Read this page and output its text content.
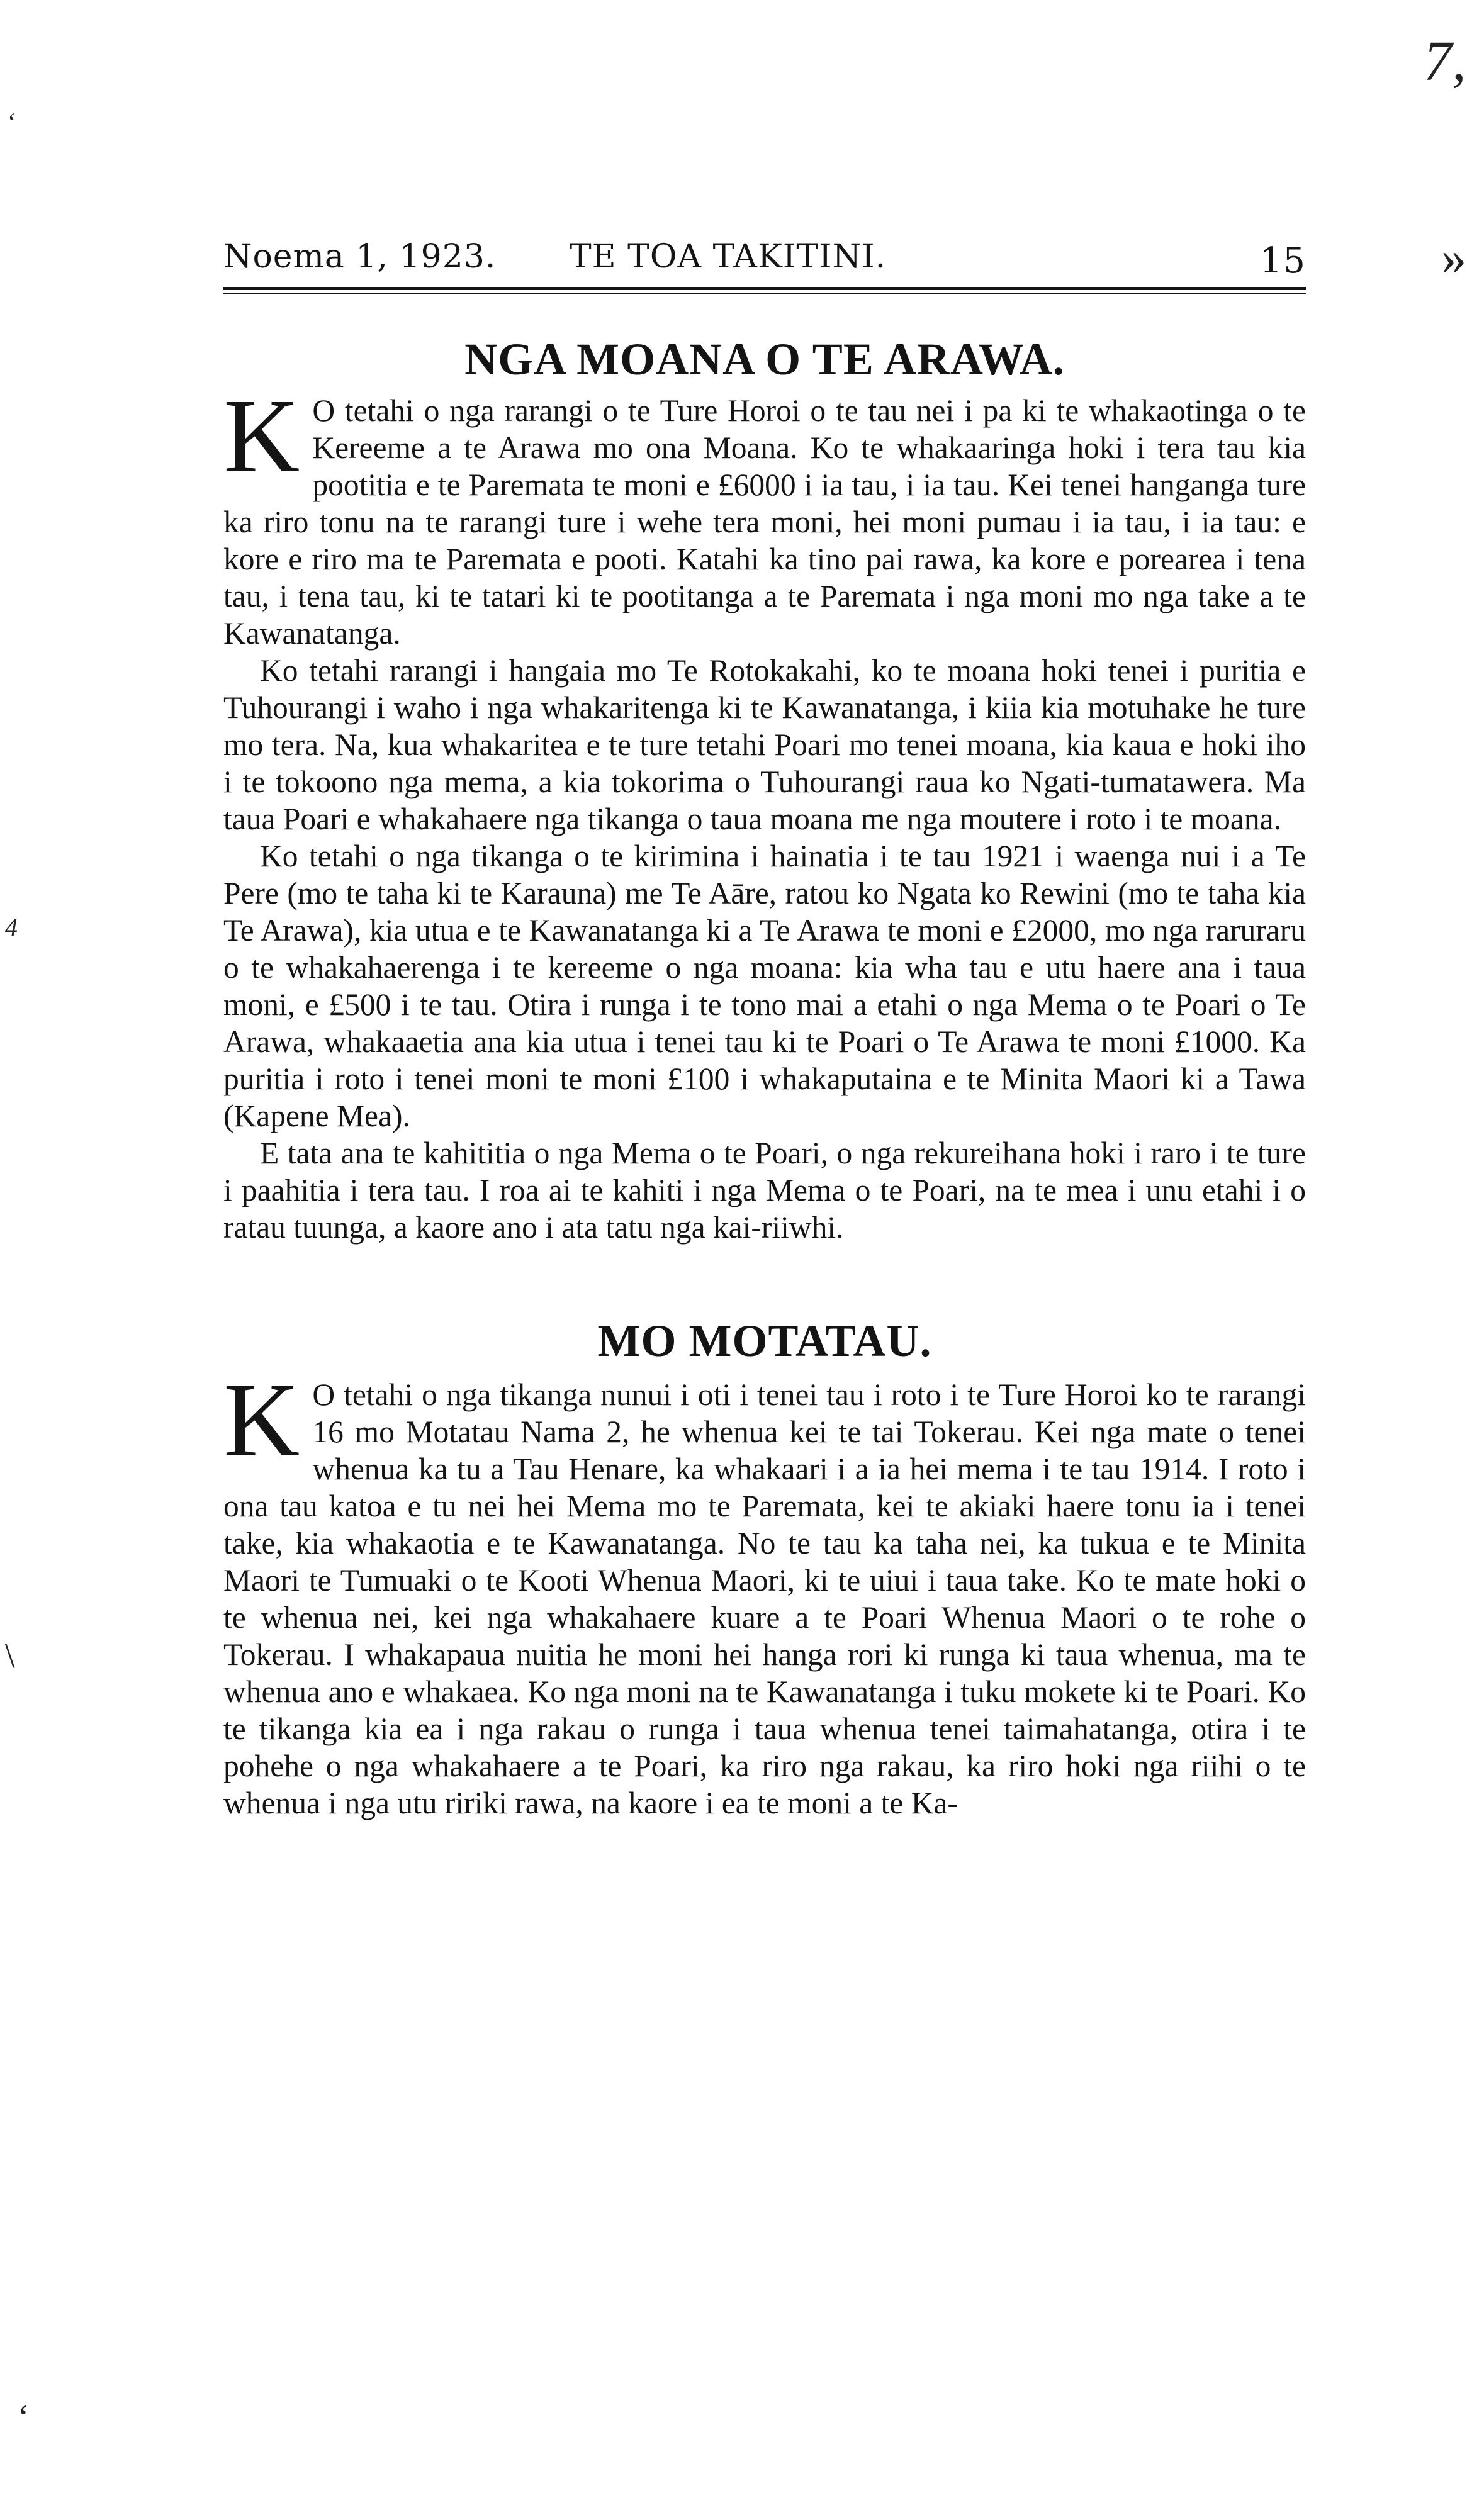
7,
»
‘
4
\
‘
Noema 1, 1923. TE TOA TAKITINI.	15
NGA MOANA O TE ARAWA.

K O tetahi o nga rarangi o te Ture Horoi o te tau nei i pa ki te whakaotinga o te Kereeme a te Arawa mo ona Moana. Ko te whakaaringa hoki i tera tau kia pootitia e te Paremata te moni e £6000 i ia tau, i ia tau. Kei tenei hanganga ture ka riro tonu na te rarangi ture i wehe tera moni, hei moni pumau i ia tau, i ia tau: e kore e riro ma te Paremata e pooti. Katahi ka tino pai rawa, ka kore e porearea i tena tau, i tena tau, ki te tatari ki te pootitanga a te Paremata i nga moni mo nga take a te Kawanatanga.

Ko tetahi rarangi i hangaia mo Te Rotokakahi, ko te moana hoki tenei i puritia e Tuhourangi i waho i nga whakaritenga ki te Kawanatanga, i kiia kia motuhake he ture mo tera. Na, kua whakaritea e te ture tetahi Poari mo tenei moana, kia kaua e hoki iho i te tokoono nga mema, a kia tokorima o Tuhourangi raua ko Ngati-tumatawera. Ma taua Poari e whakahaere nga tikanga o taua moana me nga moutere i roto i te moana.

Ko tetahi o nga tikanga o te kirimina i hainatia i te tau 1921 i waenga nui i a Te Pere (mo te taha ki te Karauna) me Te Aāre, ratou ko Ngata ko Rewini (mo te taha kia Te Arawa), kia utua e te Kawanatanga ki a Te Arawa te moni e £2000, mo nga raruraru o te whakahaerenga i te kereeme o nga moana: kia wha tau e utu haere ana i taua moni, e £500 i te tau. Otira i runga i te tono mai a etahi o nga Mema o te Poari o Te Arawa, whakaaetia ana kia utua i tenei tau ki te Poari o Te Arawa te moni £1000. Ka puritia i roto i tenei moni te moni £100 i whakaputaina e te Minita Maori ki a Tawa (Kapene Mea).

E tata ana te kahititia o nga Mema o te Poari, o nga rekureihana hoki i raro i te ture i paahitia i tera tau. I roa ai te kahiti i nga Mema o te Poari, na te mea i unu etahi i o ratau tuunga, a kaore ano i ata tatu nga kai-riiwhi.

MO MOTATAU.

K O tetahi o nga tikanga nunui i oti i tenei tau i roto i te Ture Horoi ko te rarangi 16 mo Motatau Nama 2, he whenua kei te tai Tokerau. Kei nga mate o tenei whenua ka tu a Tau Henare, ka whakaari i a ia hei mema i te tau 1914. I roto i ona tau katoa e tu nei hei Mema mo te Paremata, kei te akiaki haere tonu ia i tenei take, kia whakaotia e te Kawanatanga. No te tau ka taha nei, ka tukua e te Minita Maori te Tumuaki o te Kooti Whenua Maori, ki te uiui i taua take. Ko te mate hoki o te whenua nei, kei nga whakahaere kuare a te Poari Whenua Maori o te rohe o Tokerau. I whakapaua nuitia he moni hei hanga rori ki runga ki taua whenua, ma te whenua ano e whakaea. Ko nga moni na te Kawanatanga i tuku mokete ki te Poari. Ko te tikanga kia ea i nga rakau o runga i taua whenua tenei taimahatanga, otira i te pohehe o nga whakahaere a te Poari, ka riro nga rakau, ka riro hoki nga riihi o te whenua i nga utu ririki rawa, na kaore i ea te moni a te Ka-
